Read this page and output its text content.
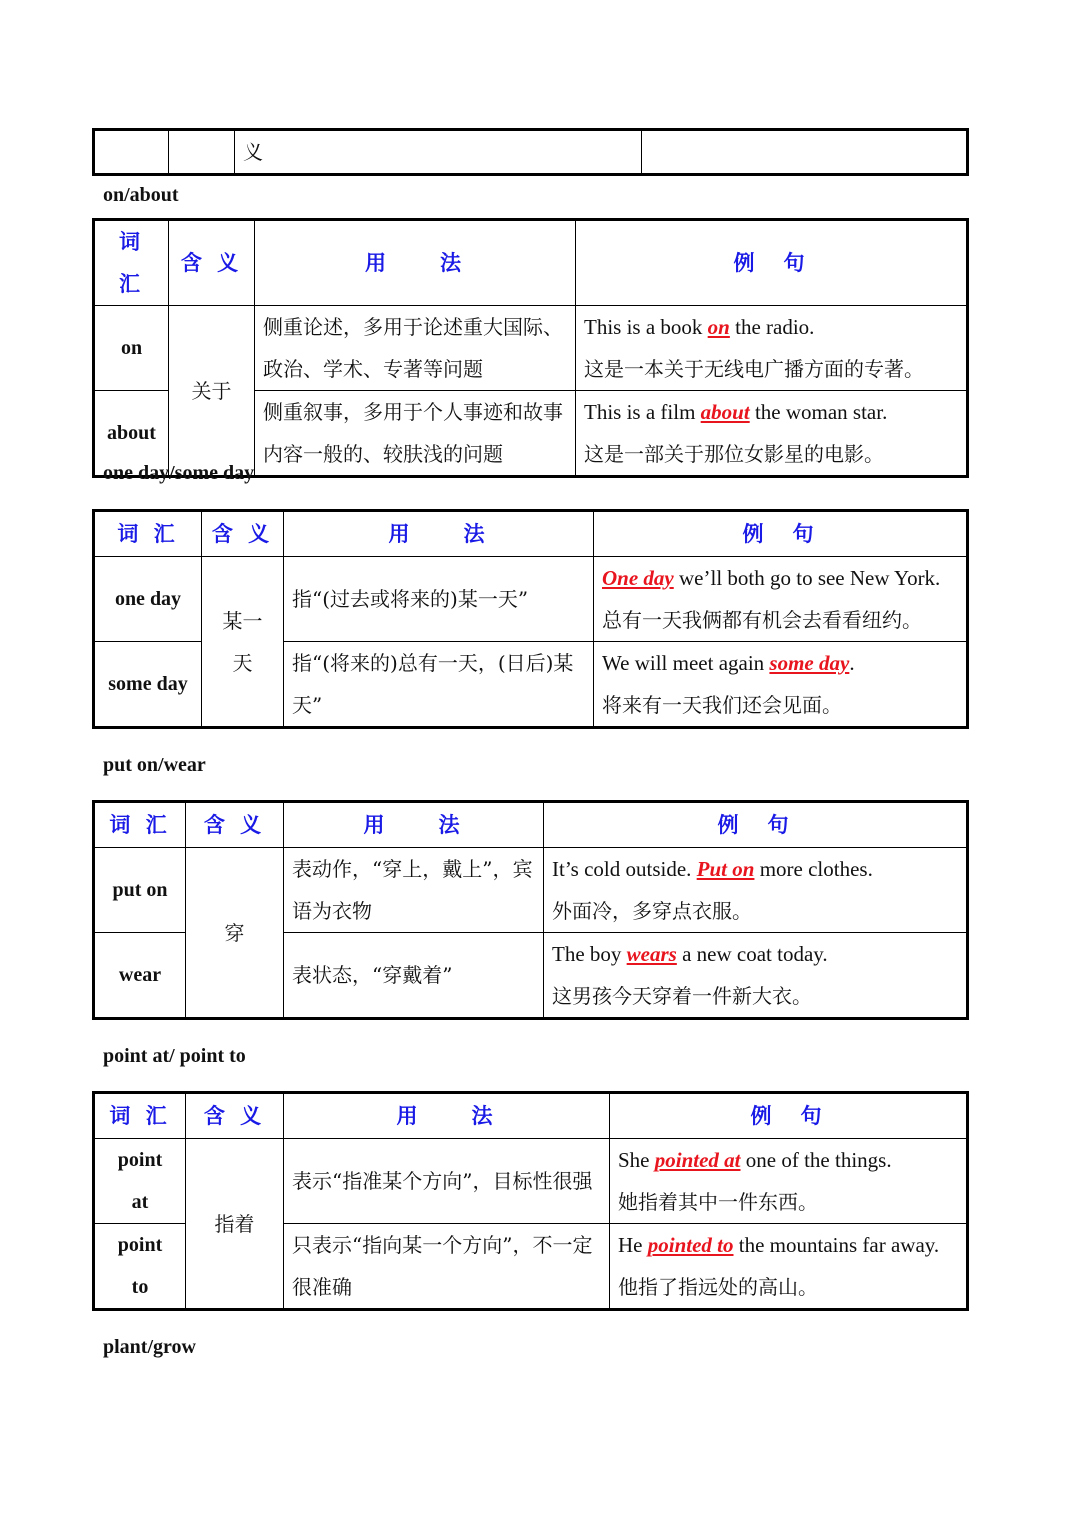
		义	
on/about
词 汇	含 义	用　　法	例　句
on	关于	侧重论述，多用于论述重大国际、政治、学术、专著等问题	This is a book on the radio.
这是一本关于无线电广播方面的专著。

about		侧重叙事，多用于个人事迹和故事内容一般的、较肤浅的问题	This is a film about the woman star.
这是一部关于那位女影星的电影。
one day/some day
词 汇	含 义	用　　法	例　句
one day	某一天	指“(过去或将来的)某一天”	One day we’ll both go to see New York.
总有一天我俩都有机会去看看纽约。

some day		指“(将来的)总有一天，(日后)某天”	We will meet again some day.
将来有一天我们还会见面。
put on/wear
词 汇	含 义	用　　法	例　句
put on	穿	表动作，“穿上，戴上”，宾语为衣物	It’s cold outside. Put on more clothes.
外面冷，多穿点衣服。

wear		表状态，“穿戴着”	The boy wears a new coat today.
这男孩今天穿着一件新大衣。
point at/ point to
词 汇	含 义	用　　法	例　句
point at	指着	表示“指准某个方向”，目标性很强	She pointed at one of the things.
她指着其中一件东西。

point to		只表示“指向某一个方向”，不一定很准确	He pointed to the mountains far away.
他指了指远处的高山。
plant/grow
